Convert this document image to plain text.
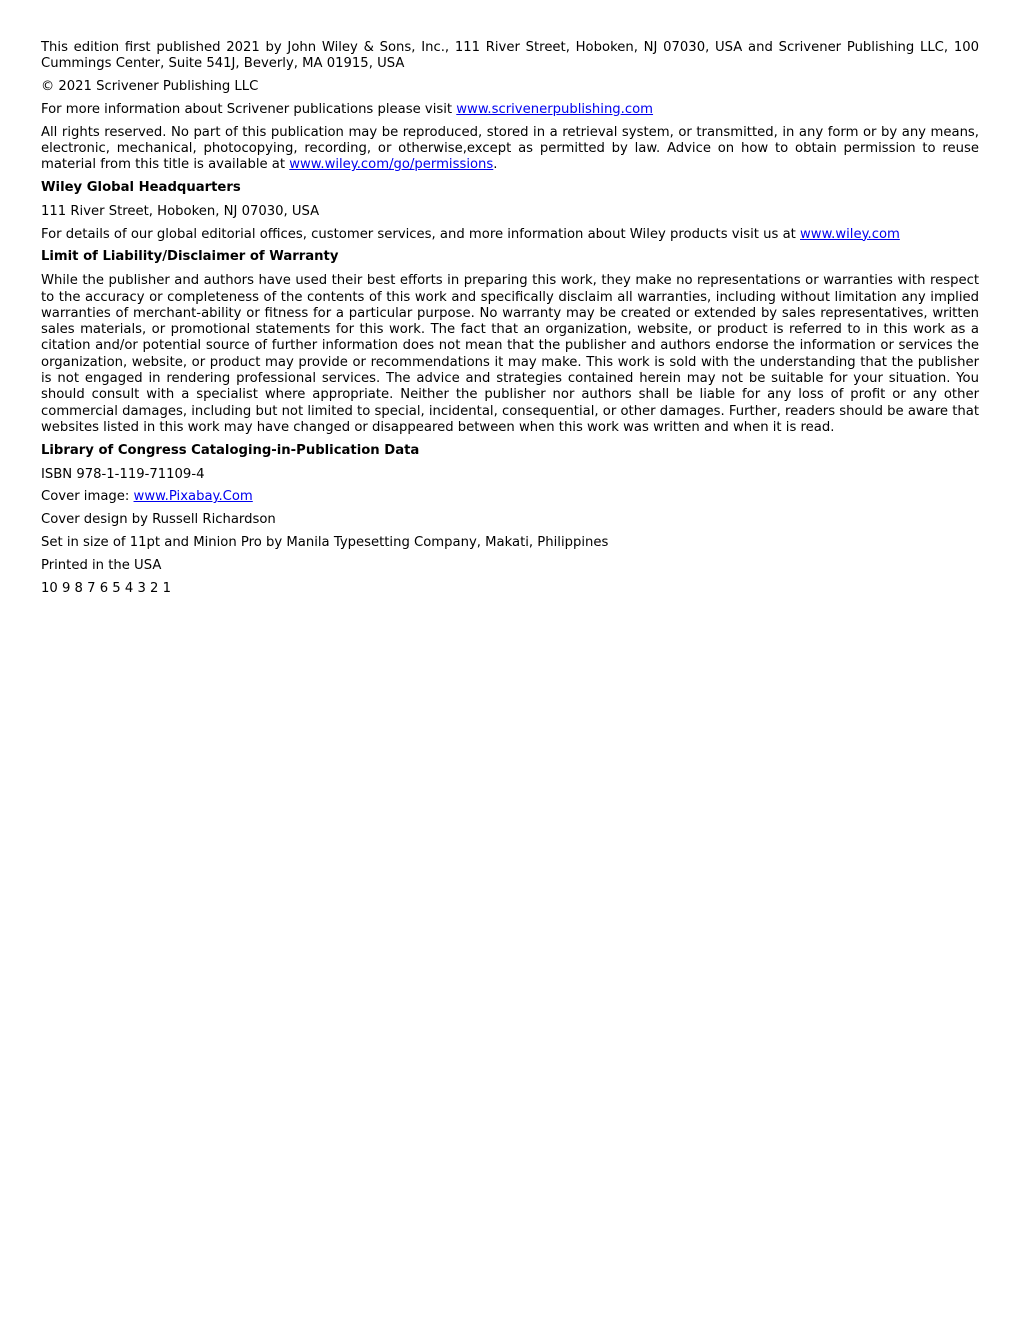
This edition first published 2021 by John Wiley & Sons, Inc., 111 River Street, Hoboken, NJ 07030, USA and Scrivener Publishing LLC, 100 Cummings Center, Suite 541J, Beverly, MA 01915, USA

© 2021 Scrivener Publishing LLC

For more information about Scrivener publications please visit www.scrivenerpublishing.com

All rights reserved. No part of this publication may be reproduced, stored in a retrieval system, or transmitted, in any form or by any means, electronic, mechanical, photocopying, recording, or otherwise,except as permitted by law. Advice on how to obtain permission to reuse material from this title is available at www.wiley.com/go/permissions.

Wiley Global Headquarters

111 River Street, Hoboken, NJ 07030, USA

For details of our global editorial offices, customer services, and more information about Wiley products visit us at www.wiley.com

Limit of Liability/Disclaimer of Warranty

While the publisher and authors have used their best efforts in preparing this work, they make no representations or warranties with respect to the accuracy or completeness of the contents of this work and specifically disclaim all warranties, including without limitation any implied warranties of merchant-ability or fitness for a particular purpose. No warranty may be created or extended by sales representatives, written sales materials, or promotional statements for this work. The fact that an organization, website, or product is referred to in this work as a citation and/or potential source of further information does not mean that the publisher and authors endorse the information or services the organization, website, or product may provide or recommendations it may make. This work is sold with the understanding that the publisher is not engaged in rendering professional services. The advice and strategies contained herein may not be suitable for your situation. You should consult with a specialist where appropriate. Neither the publisher nor authors shall be liable for any loss of profit or any other commercial damages, including but not limited to special, incidental, consequential, or other damages. Further, readers should be aware that websites listed in this work may have changed or disappeared between when this work was written and when it is read.

Library of Congress Cataloging-in-Publication Data

ISBN 978-1-119-71109-4

Cover image: www.Pixabay.Com

Cover design by Russell Richardson

Set in size of 11pt and Minion Pro by Manila Typesetting Company, Makati, Philippines

Printed in the USA

10 9 8 7 6 5 4 3 2 1
